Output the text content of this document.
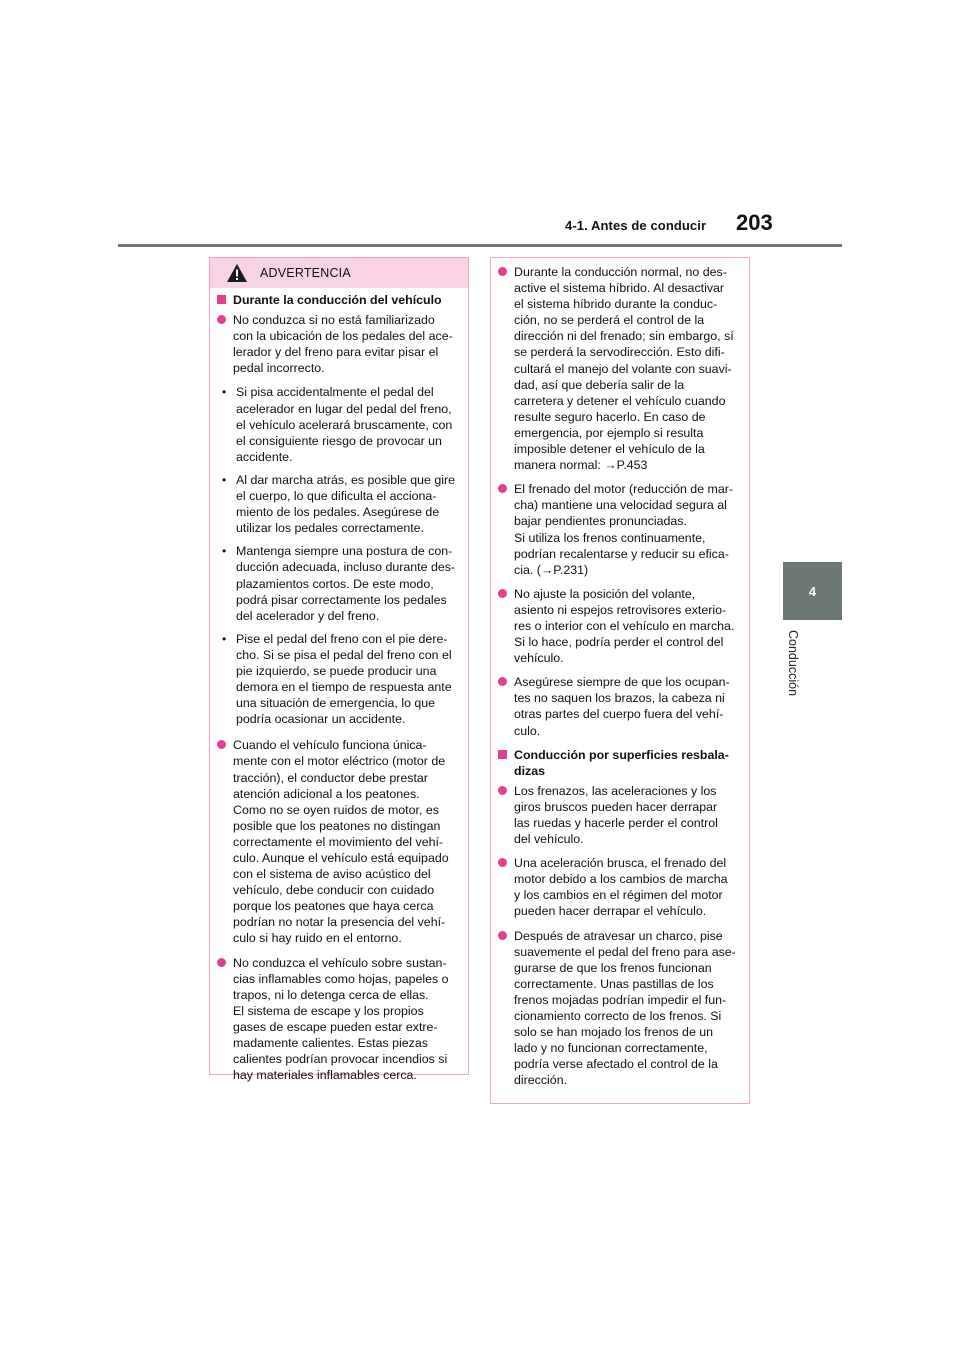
4-1. Antes de conducir 203
4
Conducción
ADVERTENCIA
Durante la conducción del vehículo
No conduzca si no está familiarizado
con la ubicación de los pedales del ace-
lerador y del freno para evitar pisar el
pedal incorrecto.
• Si pisa accidentalmente el pedal del
acelerador en lugar del pedal del freno,
el vehículo acelerará bruscamente, con
el consiguiente riesgo de provocar un
accidente.
• Al dar marcha atrás, es posible que gire
el cuerpo, lo que dificulta el acciona-
miento de los pedales. Asegúrese de
utilizar los pedales correctamente.
• Mantenga siempre una postura de con-
ducción adecuada, incluso durante des-
plazamientos cortos. De este modo,
podrá pisar correctamente los pedales
del acelerador y del freno.
• Pise el pedal del freno con el pie dere-
cho. Si se pisa el pedal del freno con el
pie izquierdo, se puede producir una
demora en el tiempo de respuesta ante
una situación de emergencia, lo que
podría ocasionar un accidente.
Cuando el vehículo funciona única-
mente con el motor eléctrico (motor de
tracción), el conductor debe prestar
atención adicional a los peatones.
Como no se oyen ruidos de motor, es
posible que los peatones no distingan
correctamente el movimiento del vehí-
culo. Aunque el vehículo está equipado
con el sistema de aviso acústico del
vehículo, debe conducir con cuidado
porque los peatones que haya cerca
podrían no notar la presencia del vehí-
culo si hay ruido en el entorno.
No conduzca el vehículo sobre sustan-
cias inflamables como hojas, papeles o
trapos, ni lo detenga cerca de ellas.
El sistema de escape y los propios
gases de escape pueden estar extre-
madamente calientes. Estas piezas
calientes podrían provocar incendios si
hay materiales inflamables cerca.
Durante la conducción normal, no des-
active el sistema híbrido. Al desactivar
el sistema híbrido durante la conduc-
ción, no se perderá el control de la
dirección ni del frenado; sin embargo, sí
se perderá la servodirección. Esto difi-
cultará el manejo del volante con suavi-
dad, así que debería salir de la
carretera y detener el vehículo cuando
resulte seguro hacerlo. En caso de
emergencia, por ejemplo si resulta
imposible detener el vehículo de la
manera normal: →P.453
El frenado del motor (reducción de mar-
cha) mantiene una velocidad segura al
bajar pendientes pronunciadas.
Si utiliza los frenos continuamente,
podrían recalentarse y reducir su efica-
cia. (→P.231)
No ajuste la posición del volante,
asiento ni espejos retrovisores exterio-
res o interior con el vehículo en marcha.
Si lo hace, podría perder el control del
vehículo.
Asegúrese siempre de que los ocupan-
tes no saquen los brazos, la cabeza ni
otras partes del cuerpo fuera del vehí-
culo.
Conducción por superficies resbala-
dizas
Los frenazos, las aceleraciones y los
giros bruscos pueden hacer derrapar
las ruedas y hacerle perder el control
del vehículo.
Una aceleración brusca, el frenado del
motor debido a los cambios de marcha
y los cambios en el régimen del motor
pueden hacer derrapar el vehículo.
Después de atravesar un charco, pise
suavemente el pedal del freno para ase-
gurarse de que los frenos funcionan
correctamente. Unas pastillas de los
frenos mojadas podrían impedir el fun-
cionamiento correcto de los frenos. Si
solo se han mojado los frenos de un
lado y no funcionan correctamente,
podría verse afectado el control de la
dirección.
